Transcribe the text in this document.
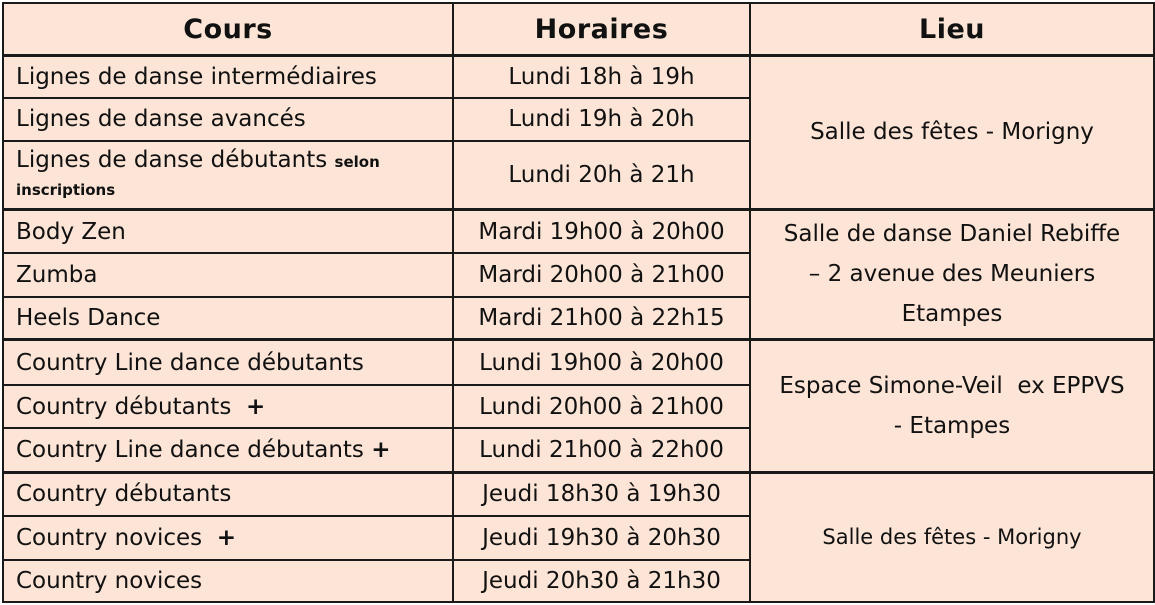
Cours	Horaires	Lieu
Lignes de danse intermédiaires	Lundi 18h à 19h	Salle des fêtes - Morigny
Lignes de danse avancés	Lundi 19h à 20h	
Lignes de danse débutants selon
inscriptions	Lundi 20h à 21h	
Body Zen	Mardi 19h00 à 20h00	Salle de danse Daniel Rebiffe
– 2 avenue des Meuniers
Etampes
Zumba	Mardi 20h00 à 21h00	
Heels Dance	Mardi 21h00 à 22h15	
Country Line dance débutants	Lundi 19h00 à 20h00	Espace Simone-Veil  ex EPPVS
- Etampes
Country débutants +	Lundi 20h00 à 21h00	
Country Line dance débutants +	Lundi 21h00 à 22h00	
Country débutants	Jeudi 18h30 à 19h30	Salle des fêtes - Morigny
Country novices +	Jeudi 19h30 à 20h30	
Country novices	Jeudi 20h30 à 21h30	
